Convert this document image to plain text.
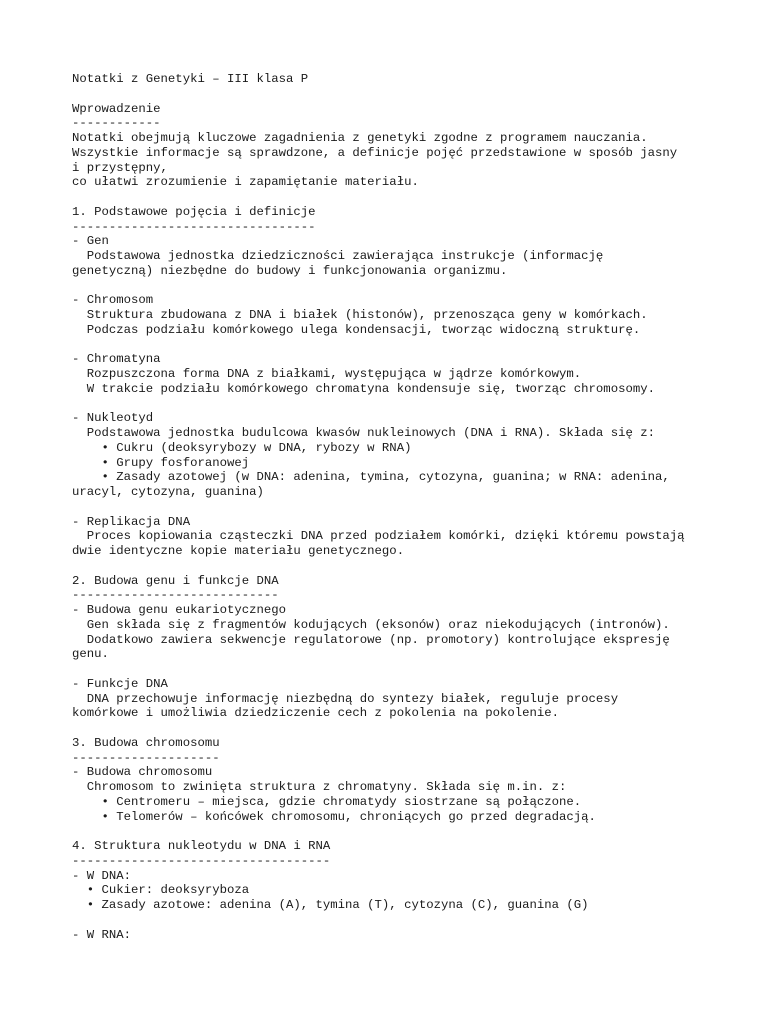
Notatki z Genetyki – III klasa P
Wprowadzenie
------------
Notatki obejmują kluczowe zagadnienia z genetyki zgodne z programem nauczania.
Wszystkie informacje są sprawdzone, a definicje pojęć przedstawione w sposób jasny
i przystępny,
co ułatwi zrozumienie i zapamiętanie materiału.
1. Podstawowe pojęcia i definicje
---------------------------------
- Gen
Podstawowa jednostka dziedziczności zawierająca instrukcje (informację
genetyczną) niezbędne do budowy i funkcjonowania organizmu.
- Chromosom
Struktura zbudowana z DNA i białek (histonów), przenosząca geny w komórkach.
Podczas podziału komórkowego ulega kondensacji, tworząc widoczną strukturę.
- Chromatyna
Rozpuszczona forma DNA z białkami, występująca w jądrze komórkowym.
W trakcie podziału komórkowego chromatyna kondensuje się, tworząc chromosomy.
- Nukleotyd
Podstawowa jednostka budulcowa kwasów nukleinowych (DNA i RNA). Składa się z:
• Cukru (deoksyrybozy w DNA, rybozy w RNA)
• Grupy fosforanowej
• Zasady azotowej (w DNA: adenina, tymina, cytozyna, guanina; w RNA: adenina,
uracyl, cytozyna, guanina)
- Replikacja DNA
Proces kopiowania cząsteczki DNA przed podziałem komórki, dzięki któremu powstają
dwie identyczne kopie materiału genetycznego.
2. Budowa genu i funkcje DNA
----------------------------
- Budowa genu eukariotycznego
Gen składa się z fragmentów kodujących (eksonów) oraz niekodujących (intronów).
Dodatkowo zawiera sekwencje regulatorowe (np. promotory) kontrolujące ekspresję
genu.
- Funkcje DNA
DNA przechowuje informację niezbędną do syntezy białek, reguluje procesy
komórkowe i umożliwia dziedziczenie cech z pokolenia na pokolenie.
3. Budowa chromosomu
--------------------
- Budowa chromosomu
Chromosom to zwinięta struktura z chromatyny. Składa się m.in. z:
• Centromeru – miejsca, gdzie chromatydy siostrzane są połączone.
• Telomerów – końcówek chromosomu, chroniących go przed degradacją.
4. Struktura nukleotydu w DNA i RNA
-----------------------------------
- W DNA:
• Cukier: deoksyryboza
• Zasady azotowe: adenina (A), tymina (T), cytozyna (C), guanina (G)
- W RNA:
